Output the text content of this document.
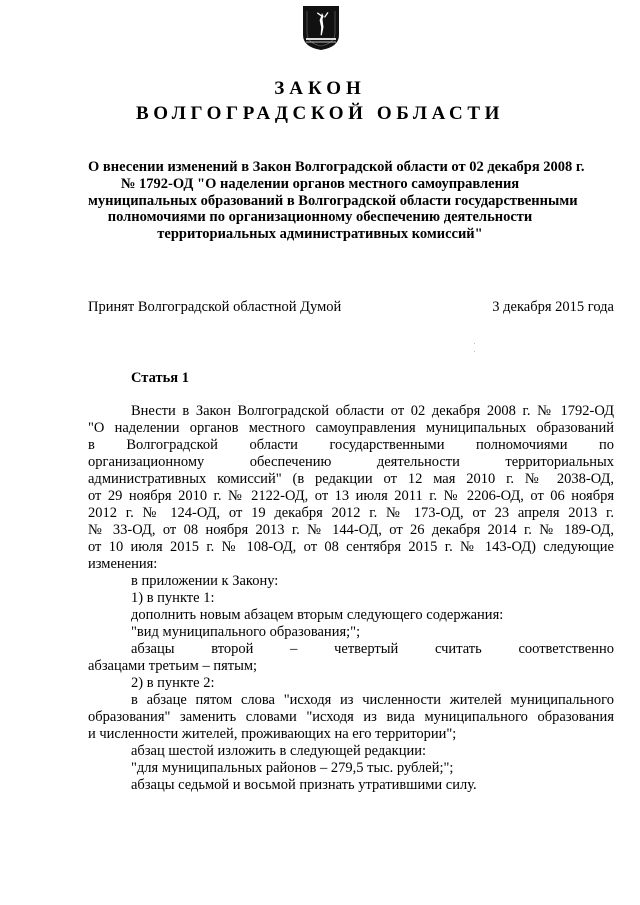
ЗАКОН
ВОЛГОГРАДСКОЙ ОБЛАСТИ
О внесении изменений в Закон Волгоградской области от 02 декабря 2008 г.
№ 1792-ОД "О наделении органов местного самоуправления
муниципальных образований в Волгоградской области государственными
полномочиями по организационному обеспечению деятельности
территориальных административных комиссий"
Принят Волгоградской областной Думой	3 декабря 2015 года
Статья 1
Внести в Закон Волгоградской области от 02 декабря 2008 г. № 1792-ОД
"О наделении органов местного самоуправления муниципальных образований
в Волгоградской области государственными полномочиями по
организационному обеспечению деятельности территориальных
административных комиссий" (в редакции от 12 мая 2010 г. № 2038-ОД,
от 29 ноября 2010 г. № 2122-ОД, от 13 июля 2011 г. № 2206-ОД, от 06 ноября
2012 г. № 124-ОД, от 19 декабря 2012 г. № 173-ОД, от 23 апреля 2013 г.
№ 33-ОД, от 08 ноября 2013 г. № 144-ОД, от 26 декабря 2014 г. № 189-ОД,
от 10 июля 2015 г. № 108-ОД, от 08 сентября 2015 г. № 143-ОД) следующие
изменения:
в приложении к Закону:
1) в пункте 1:
дополнить новым абзацем вторым следующего содержания:
"вид муниципального образования;";
абзацы второй – четвертый считать соответственно
абзацами третьим – пятым;
2) в пункте 2:
в абзаце пятом слова "исходя из численности жителей муниципального
образования" заменить словами "исходя из вида муниципального образования
и численности жителей, проживающих на его территории";
абзац шестой изложить в следующей редакции:
"для муниципальных районов – 279,5 тыс. рублей;";
абзацы седьмой и восьмой признать утратившими силу.
